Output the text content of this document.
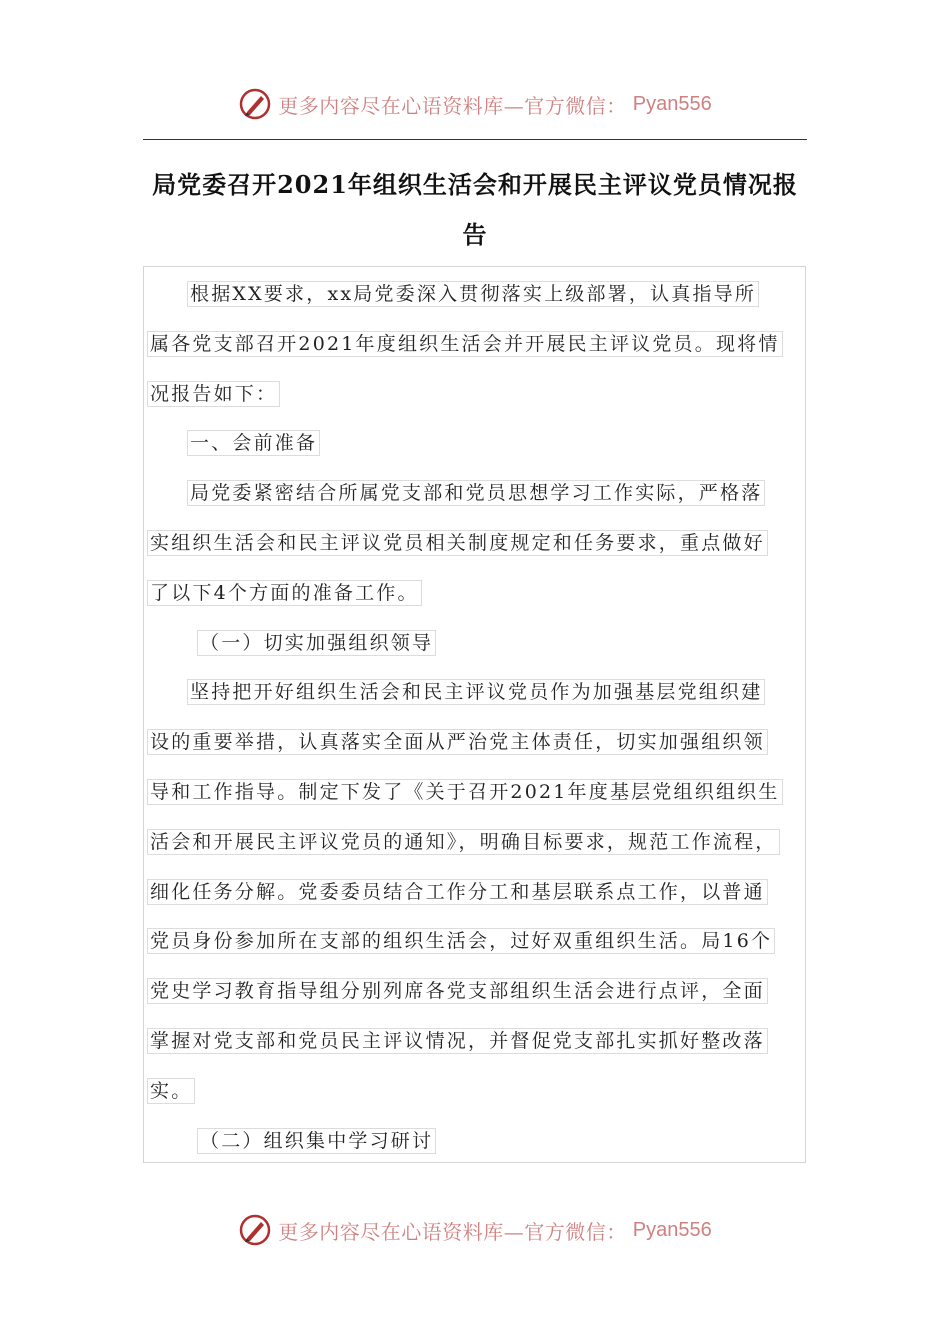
更多内容尽在心语资料库—官方微信： Pyan556
局党委召开2021年组织生活会和开展民主评议党员情况报
告
根据XX要求，xx局党委深入贯彻落实上级部署，认真指导所
属各党支部召开2021年度组织生活会并开展民主评议党员。现将情
况报告如下：
一、会前准备
局党委紧密结合所属党支部和党员思想学习工作实际，严格落
实组织生活会和民主评议党员相关制度规定和任务要求，重点做好
了以下4个方面的准备工作。
（一）切实加强组织领导
坚持把开好组织生活会和民主评议党员作为加强基层党组织建
设的重要举措，认真落实全面从严治党主体责任，切实加强组织领
导和工作指导。制定下发了《关于召开2021年度基层党组织组织生
活会和开展民主评议党员的通知》，明确目标要求，规范工作流程，
细化任务分解。党委委员结合工作分工和基层联系点工作，以普通
党员身份参加所在支部的组织生活会，过好双重组织生活。局16个
党史学习教育指导组分别列席各党支部组织生活会进行点评，全面
掌握对党支部和党员民主评议情况，并督促党支部扎实抓好整改落
实。
（二）组织集中学习研讨
更多内容尽在心语资料库—官方微信： Pyan556
